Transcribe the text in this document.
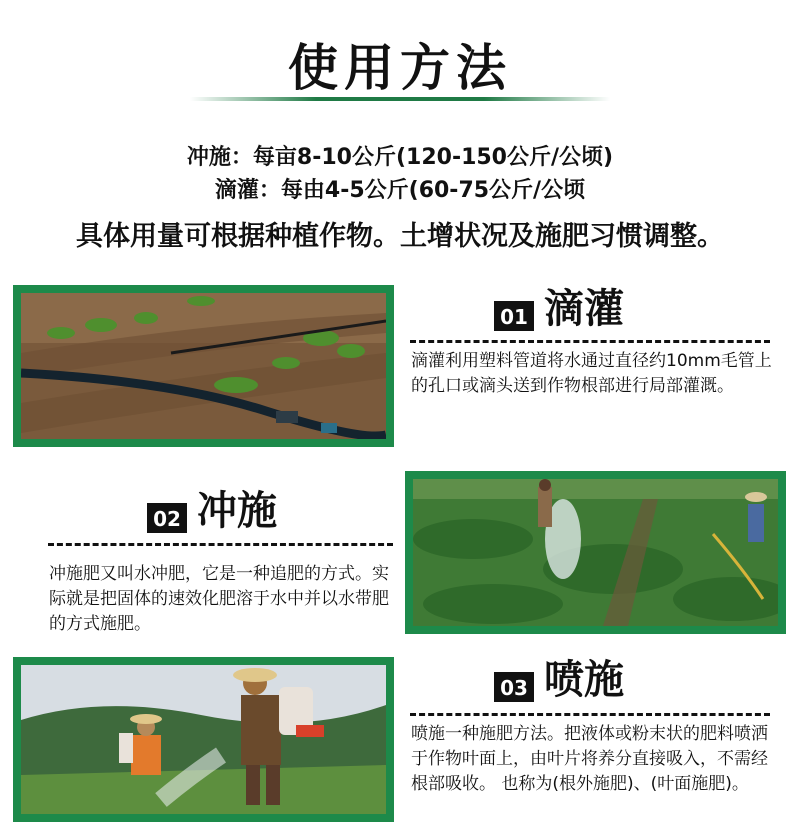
使用方法
冲施：每亩8-10公斤(120-150公斤/公顷)
滴灌：每由4-5公斤(60-75公斤/公顷
具体用量可根据种植作物。土增状况及施肥习惯调整。
01 滴灌
滴灌利用塑料管道将水通过直径约10mm毛管上的孔口或滴头送到作物根部进行局部灌溉。
02 冲施
冲施肥又叫水冲肥，它是一种追肥的方式。实际就是把固体的速效化肥溶于水中并以水带肥的方式施肥。
03 喷施
喷施一种施肥方法。把液体或粉末状的肥料喷洒于作物叶面上，由叶片将养分直接吸入，不需经根部吸收。 也称为(根外施肥)、(叶面施肥)。
